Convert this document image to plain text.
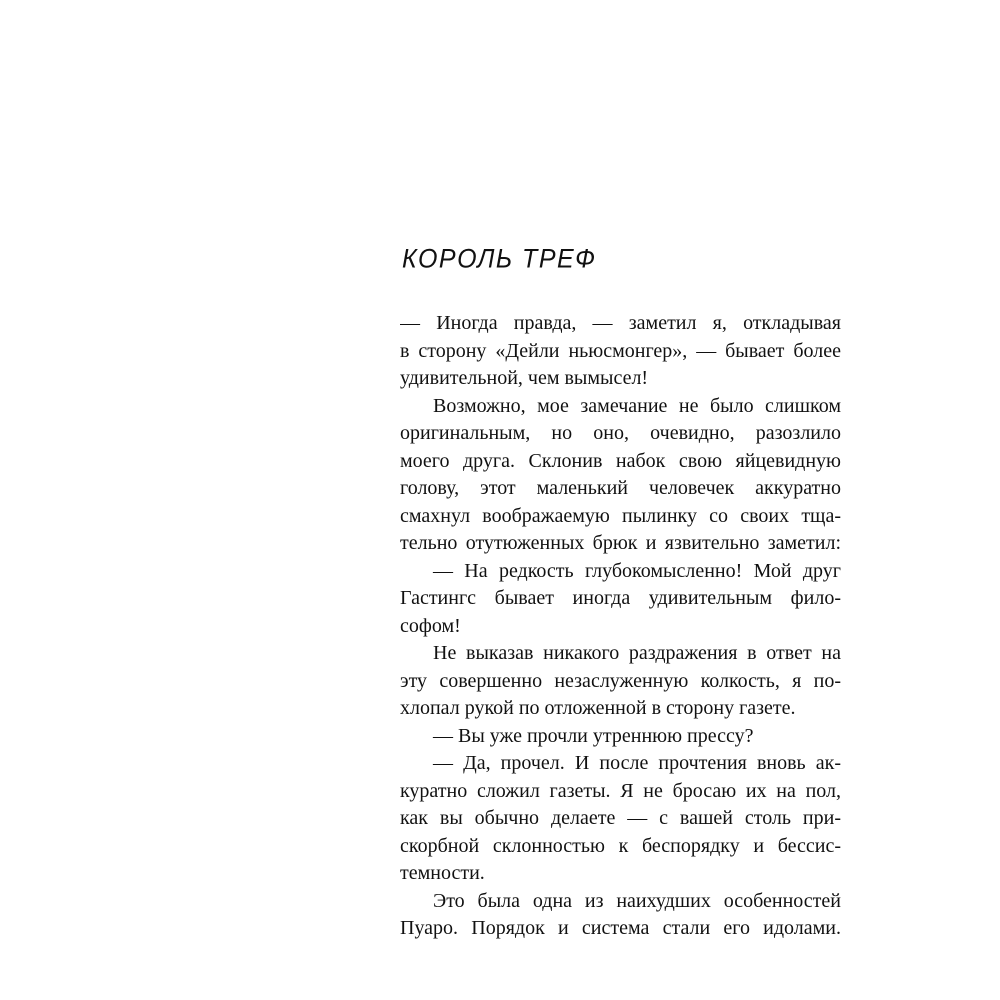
КОРОЛЬ ТРЕФ
— Иногда правда, — заметил я, откладывая
в сторону «Дейли ньюсмонгер», — бывает более
удивительной, чем вымысел!
Возможно, мое замечание не было слишком
оригинальным, но оно, очевидно, разозлило
моего друга. Склонив набок свою яйцевидную
голову, этот маленький человечек аккуратно
смахнул воображаемую пылинку со своих тща-
тельно отутюженных брюк и язвительно заметил:
— На редкость глубокомысленно! Мой друг
Гастингс бывает иногда удивительным фило-
софом!
Не выказав никакого раздражения в ответ на
эту совершенно незаслуженную колкость, я по-
хлопал рукой по отложенной в сторону газете.
— Вы уже прочли утреннюю прессу?
— Да, прочел. И после прочтения вновь ак-
куратно сложил газеты. Я не бросаю их на пол,
как вы обычно делаете — с вашей столь при-
скорбной склонностью к беспорядку и бессис-
темности.
Это была одна из наихудших особенностей
Пуаро. Порядок и система стали его идолами.
